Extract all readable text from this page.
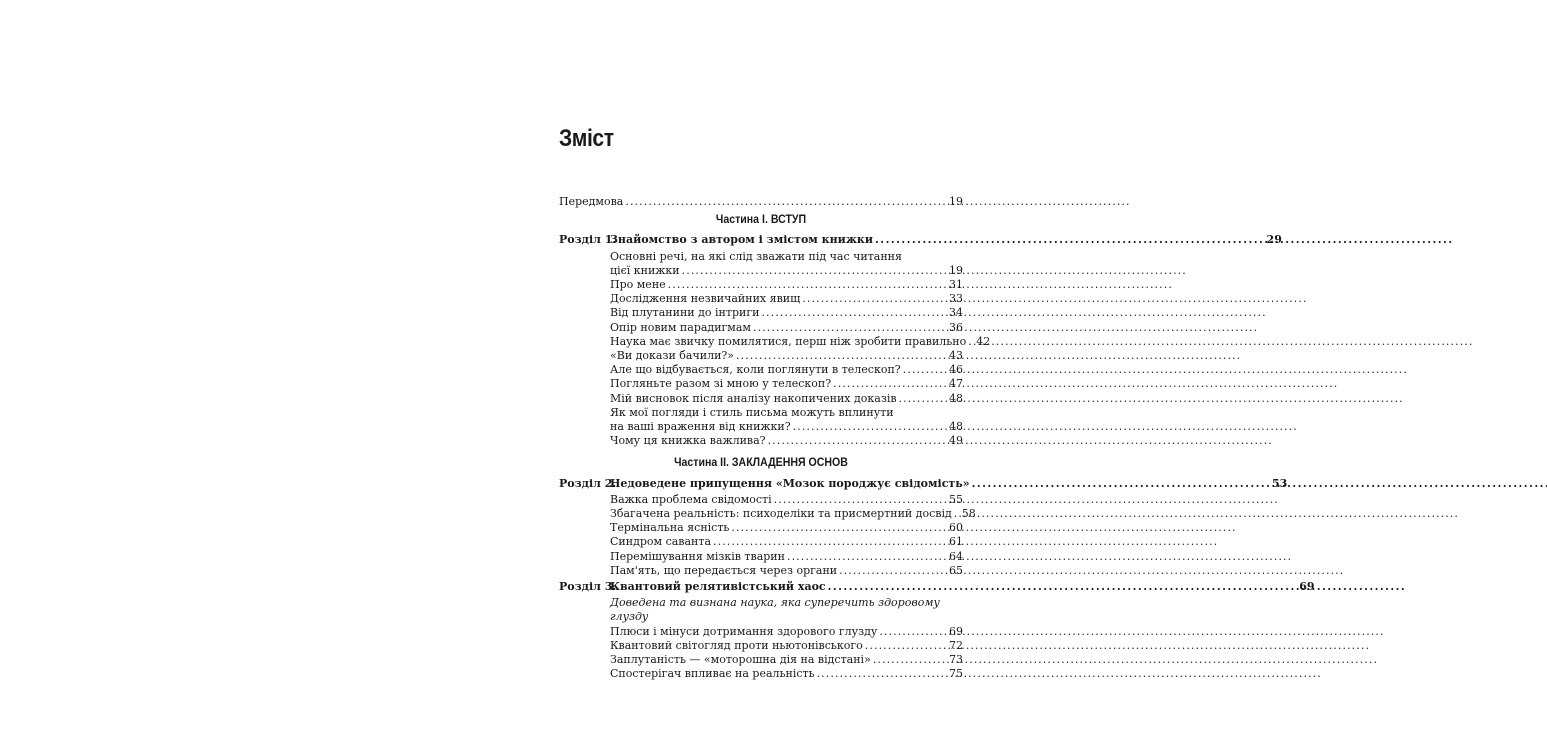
Зміст
Передмова . . .	19
Частина І. ВСТУП
Розділ 1.
Знайомство з автором і змістом книжки . . .	29
Основні речі, на які слід зважати під час читання
цієї книжки . . .	19
Про мене . . .	31
Дослідження незвичайних явищ . . .	33
Від плутанини до інтриги . . .	34
Опір новим парадигмам . . .	36
Наука має звичку помилятися, перш ніж зробити правильно . . . 42
«Ви докази бачили?» . . .	43
Але що відбувається, коли поглянути в телескоп? . . .	46
Погляньте разом зі мною у телескоп? . . .	47
Мій висновок після аналізу накопичених доказів . . .	48
Як мої погляди і стиль письма можуть вплинути
на ваші враження від книжки? . . .	48
Чому ця книжка важлива? . . .	49
Частина ІІ. ЗАКЛАДЕННЯ ОСНОВ
Розділ 2.
Недоведене припущення «Мозок породжує свідомість» . . .	53
Важка проблема свідомості . . .	55
Збагачена реальність: психоделіки та присмертний досвід . . . 58
Термінальна ясність . . .	60
Синдром саванта . . .	61
Перемішування мізків тварин . . .	64
Пам'ять, що передається через органи . . .	65
Розділ 3.
Квантовий релятивістський хаос . . .	69
Доведена та визнана наука, яка суперечить здоровому глузду
Плюси і мінуси дотримання здорового глузду . . .	69
Квантовий світогляд проти ньютонівського . . .	72
Заплутаність — «моторошна дія на відстані» . . .	73
Спостерігач впливає на реальність . . .	75
